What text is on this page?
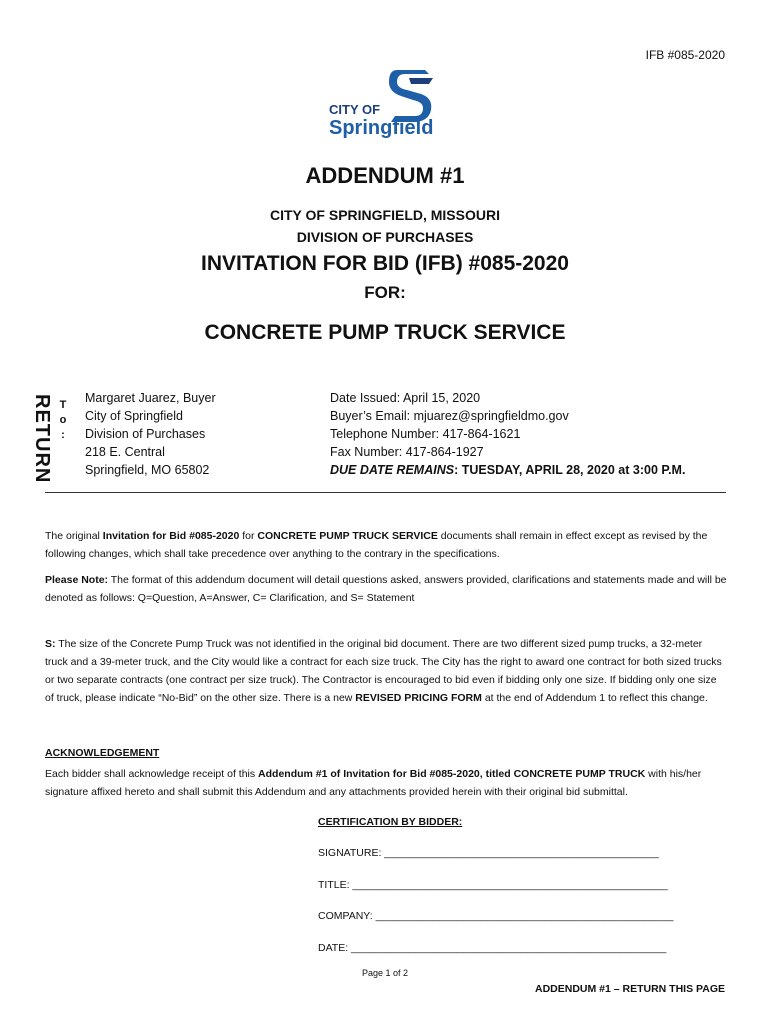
IFB #085-2020
CITY OF
Springfield
ADDENDUM #1
CITY OF SPRINGFIELD, MISSOURI
DIVISION OF PURCHASES
INVITATION FOR BID (IFB) #085-2020
FOR:
CONCRETE PUMP TRUCK SERVICE
RETURN T
o
:
Margaret Juarez, Buyer
City of Springfield
Division of Purchases
218 E. Central
Springfield, MO 65802
Date Issued: April 15, 2020
Buyer’s Email: mjuarez@springfieldmo.gov
Telephone Number: 417-864-1621
Fax Number: 417-864-1927
DUE DATE REMAINS: TUESDAY, APRIL 28, 2020 at 3:00 P.M.
The original Invitation for Bid #085-2020 for CONCRETE PUMP TRUCK SERVICE documents shall remain in effect except as revised by the following changes, which shall take precedence over anything to the contrary in the specifications.
Please Note: The format of this addendum document will detail questions asked, answers provided, clarifications and statements made and will be denoted as follows: Q=Question, A=Answer, C= Clarification, and S= Statement
S: The size of the Concrete Pump Truck was not identified in the original bid document. There are two different sized pump trucks, a 32-meter truck and a 39-meter truck, and the City would like a contract for each size truck. The City has the right to award one contract for both sized trucks or two separate contracts (one contract per size truck). The Contractor is encouraged to bid even if bidding only one size. If bidding only one size of truck, please indicate “No-Bid” on the other size. There is a new REVISED PRICING FORM at the end of Addendum 1 to reflect this change.
ACKNOWLEDGEMENT
Each bidder shall acknowledge receipt of this Addendum #1 of Invitation for Bid #085-2020, titled CONCRETE PUMP TRUCK with his/her signature affixed hereto and shall submit this Addendum and any attachments provided herein with their original bid submittal.
CERTIFICATION BY BIDDER:
SIGNATURE: _______________________________________________
TITLE: ______________________________________________________
COMPANY: ___________________________________________________
DATE: ______________________________________________________
Page 1 of 2
ADDENDUM #1 – RETURN THIS PAGE
